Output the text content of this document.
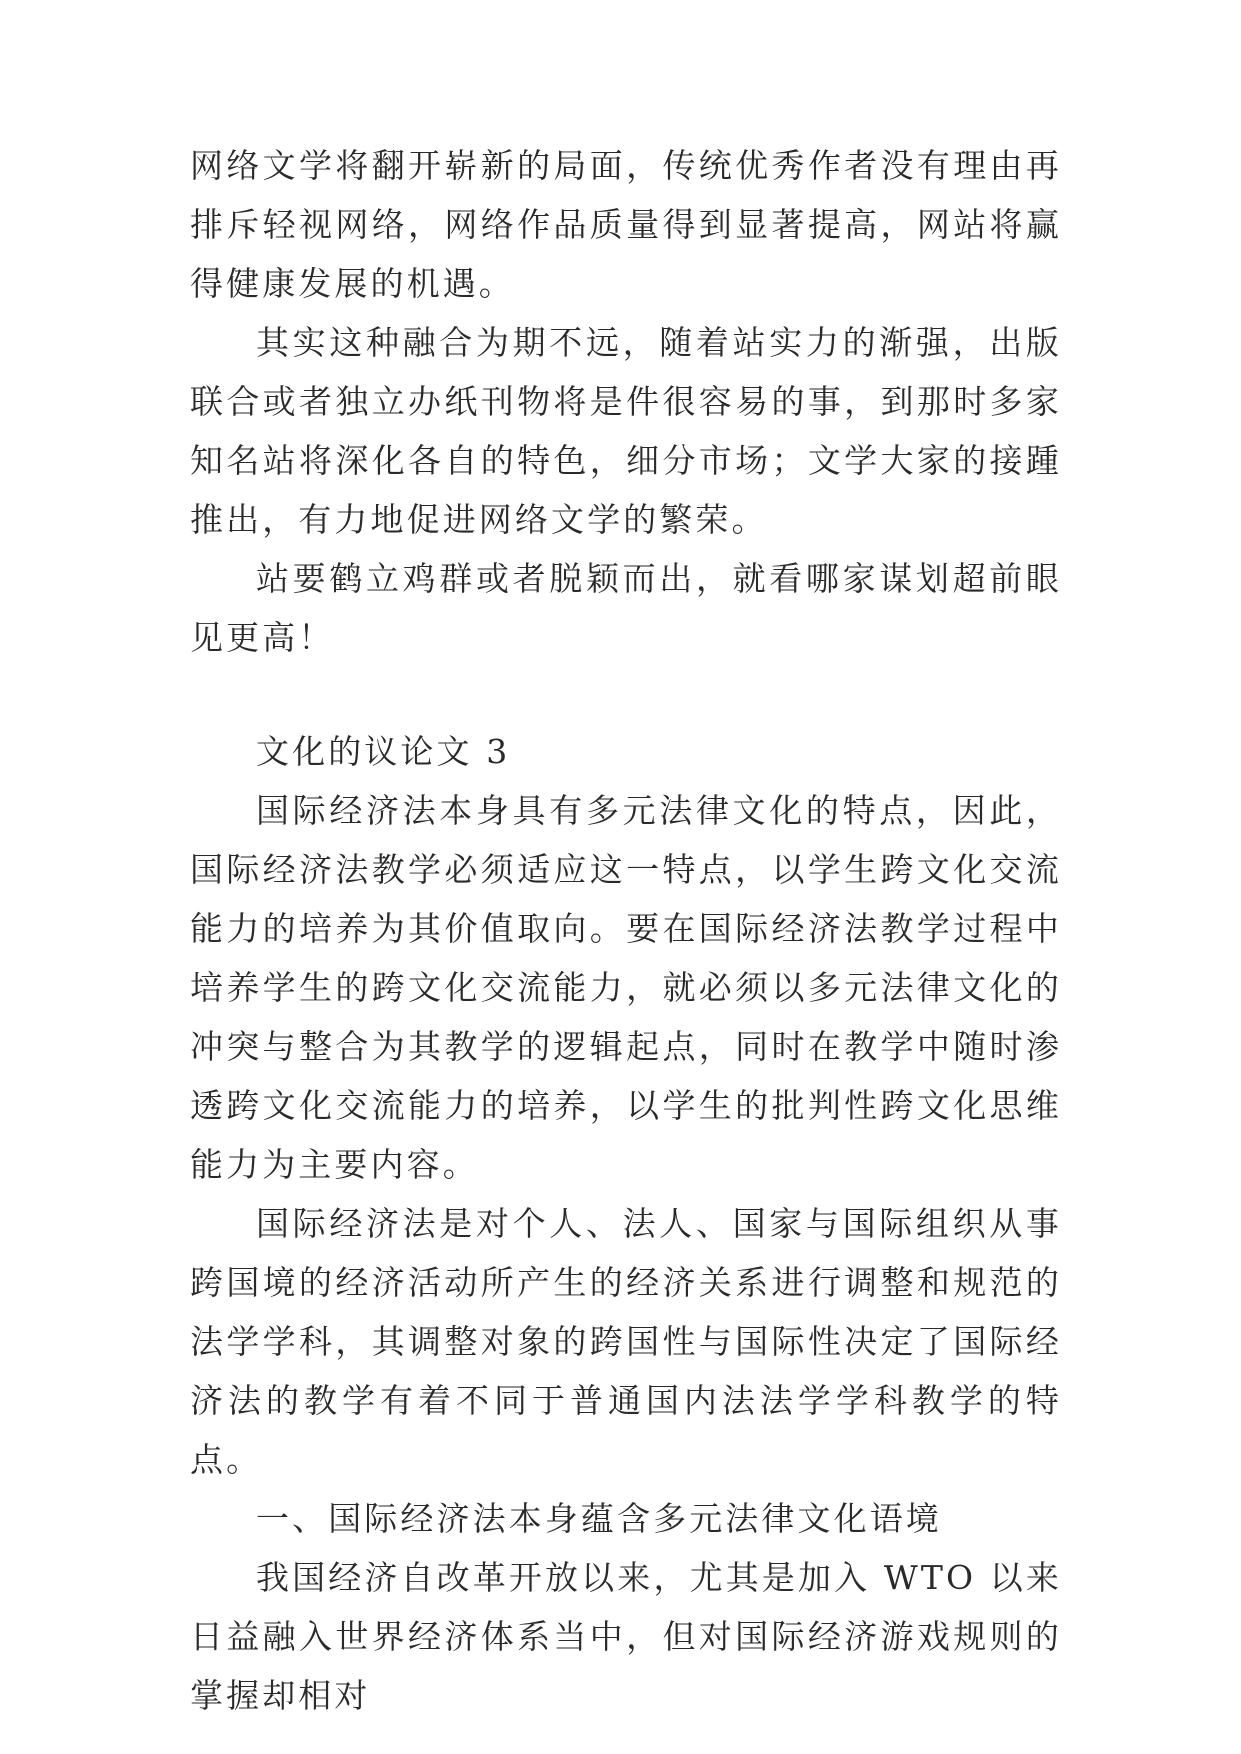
网络文学将翻开崭新的局面，传统优秀作者没有理由再排斥轻视网络，网络作品质量得到显著提高，网站将赢得健康发展的机遇。

其实这种融合为期不远，随着站实力的渐强，出版联合或者独立办纸刊物将是件很容易的事，到那时多家知名站将深化各自的特色，细分市场；文学大家的接踵推出，有力地促进网络文学的繁荣。

站要鹤立鸡群或者脱颖而出，就看哪家谋划超前眼见更高！

文化的议论文 3

国际经济法本身具有多元法律文化的特点，因此，国际经济法教学必须适应这一特点，以学生跨文化交流能力的培养为其价值取向。要在国际经济法教学过程中培养学生的跨文化交流能力，就必须以多元法律文化的冲突与整合为其教学的逻辑起点，同时在教学中随时渗透跨文化交流能力的培养，以学生的批判性跨文化思维能力为主要内容。

国际经济法是对个人、法人、国家与国际组织从事跨国境的经济活动所产生的经济关系进行调整和规范的法学学科，其调整对象的跨国性与国际性决定了国际经济法的教学有着不同于普通国内法法学学科教学的特点。

一、国际经济法本身蕴含多元法律文化语境

我国经济自改革开放以来，尤其是加入 WTO 以来日益融入世界经济体系当中，但对国际经济游戏规则的掌握却相对
